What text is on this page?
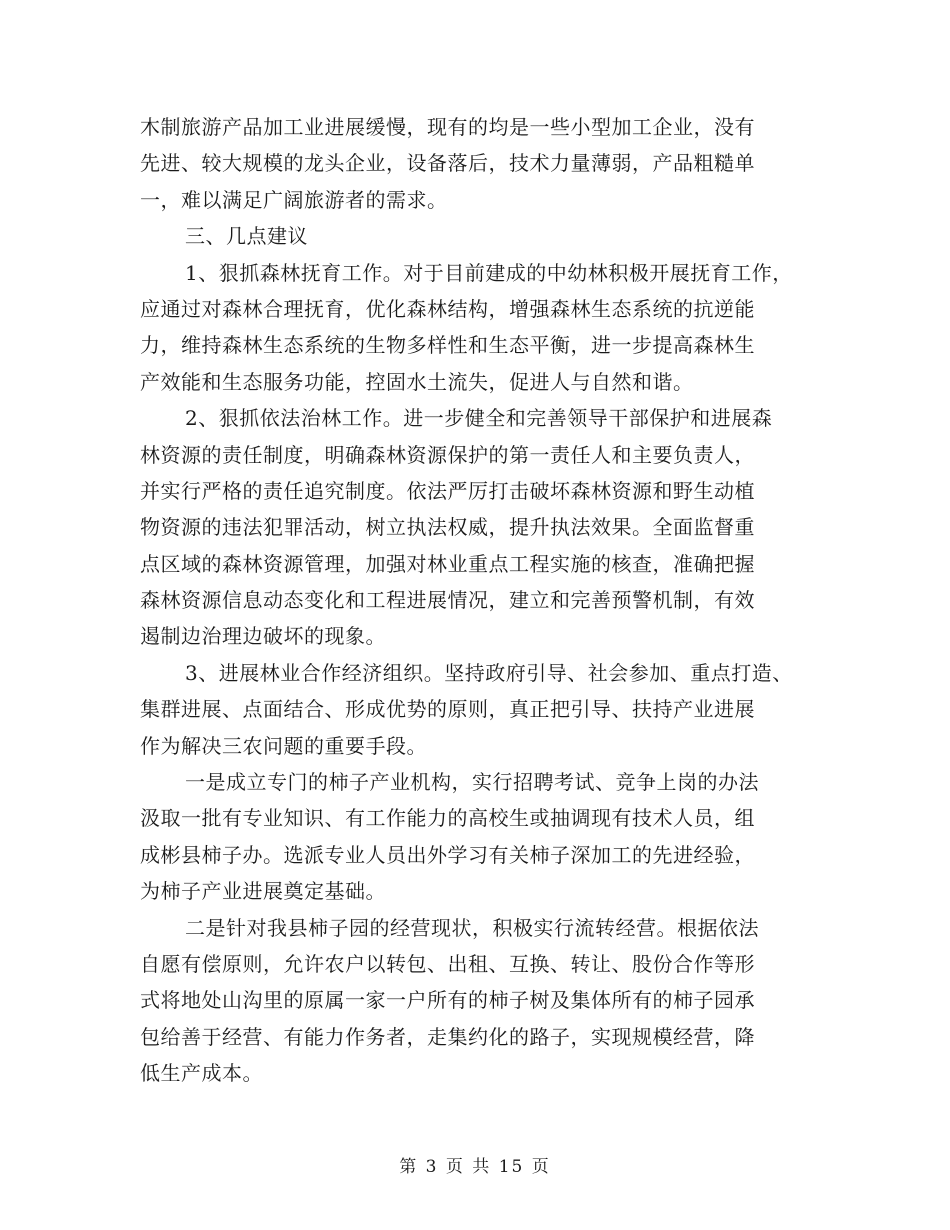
木制旅游产品加工业进展缓慢，现有的均是一些小型加工企业，没有
先进、较大规模的龙头企业，设备落后，技术力量薄弱，产品粗糙单
一，难以满足广阔旅游者的需求。
三、几点建议
1、狠抓森林抚育工作。对于目前建成的中幼林积极开展抚育工作，
应通过对森林合理抚育，优化森林结构，增强森林生态系统的抗逆能
力，维持森林生态系统的生物多样性和生态平衡，进一步提高森林生
产效能和生态服务功能，控固水土流失，促进人与自然和谐。
2、狠抓依法治林工作。进一步健全和完善领导干部保护和进展森
林资源的责任制度，明确森林资源保护的第一责任人和主要负责人，
并实行严格的责任追究制度。依法严厉打击破坏森林资源和野生动植
物资源的违法犯罪活动，树立执法权威，提升执法效果。全面监督重
点区域的森林资源管理，加强对林业重点工程实施的核查，准确把握
森林资源信息动态变化和工程进展情况，建立和完善预警机制，有效
遏制边治理边破坏的现象。
3、进展林业合作经济组织。坚持政府引导、社会参加、重点打造、
集群进展、点面结合、形成优势的原则，真正把引导、扶持产业进展
作为解决三农问题的重要手段。
一是成立专门的柿子产业机构，实行招聘考试、竞争上岗的办法
汲取一批有专业知识、有工作能力的高校生或抽调现有技术人员，组
成彬县柿子办。选派专业人员出外学习有关柿子深加工的先进经验，
为柿子产业进展奠定基础。
二是针对我县柿子园的经营现状，积极实行流转经营。根据依法
自愿有偿原则，允许农户以转包、出租、互换、转让、股份合作等形
式将地处山沟里的原属一家一户所有的柿子树及集体所有的柿子园承
包给善于经营、有能力作务者，走集约化的路子，实现规模经营，降
低生产成本。
第 3 页 共 15 页
